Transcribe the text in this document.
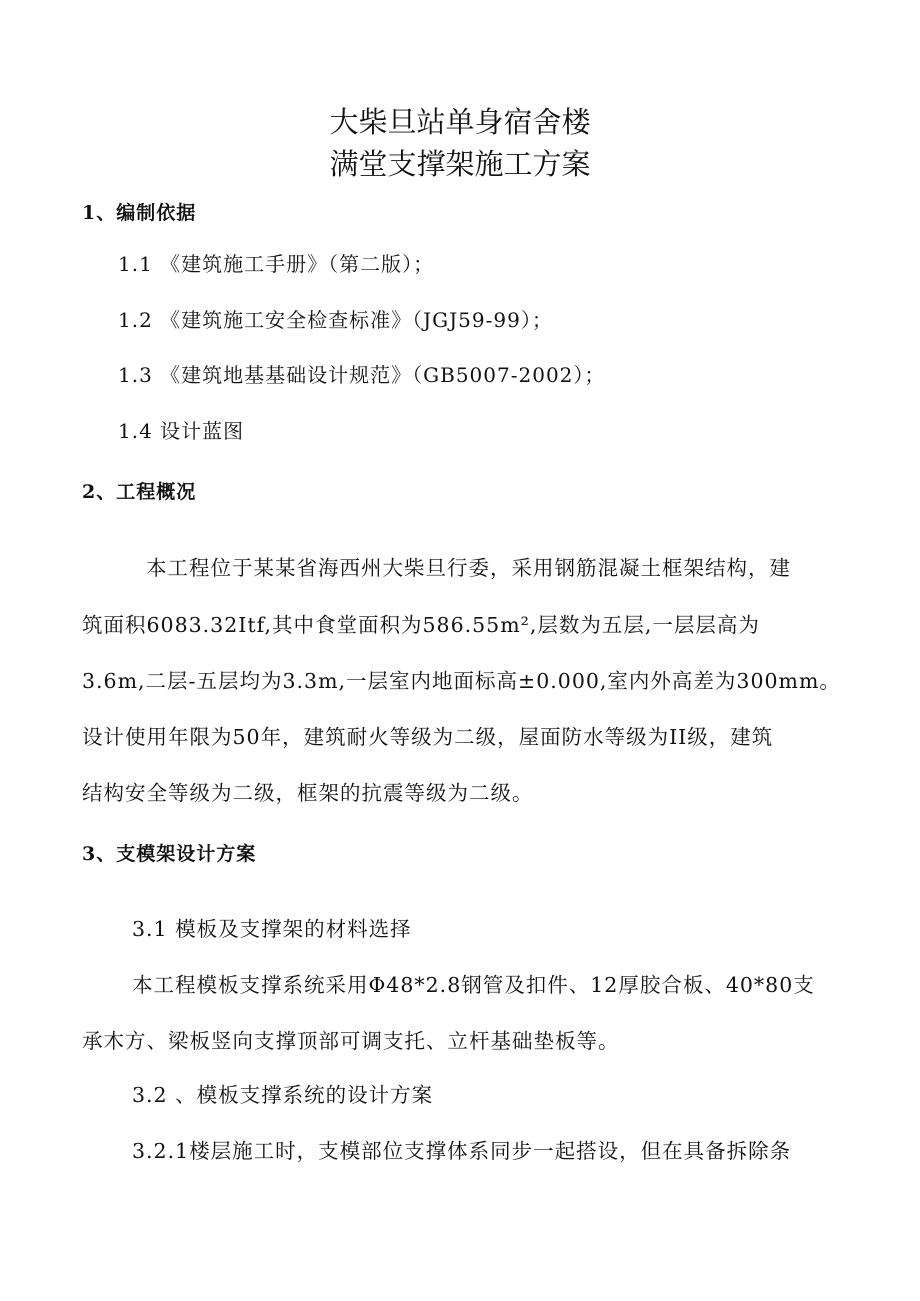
大柴旦站单身宿舍楼
满堂支撑架施工方案
1、编制依据
1.1 《建筑施工手册》（第二版）；
1.2 《建筑施工安全检查标准》（JGJ59-99）；
1.3 《建筑地基基础设计规范》（GB5007-2002）；
1.4 设计蓝图
2、工程概况
本工程位于某某省海西州大柴旦行委，采用钢筋混凝土框架结构，建
筑面积6083.32Itf,其中食堂面积为586.55m²,层数为五层,一层层高为
3.6m,二层-五层均为3.3m,一层室内地面标高±0.000,室内外高差为300mm。
设计使用年限为50年，建筑耐火等级为二级，屋面防水等级为II级，建筑
结构安全等级为二级，框架的抗震等级为二级。
3、支模架设计方案
3.1 模板及支撑架的材料选择
本工程模板支撑系统采用Φ48*2.8钢管及扣件、12厚胶合板、40*80支
承木方、梁板竖向支撑顶部可调支托、立杆基础垫板等。
3.2 、模板支撑系统的设计方案
3.2.1楼层施工时，支模部位支撑体系同步一起搭设，但在具备拆除条
